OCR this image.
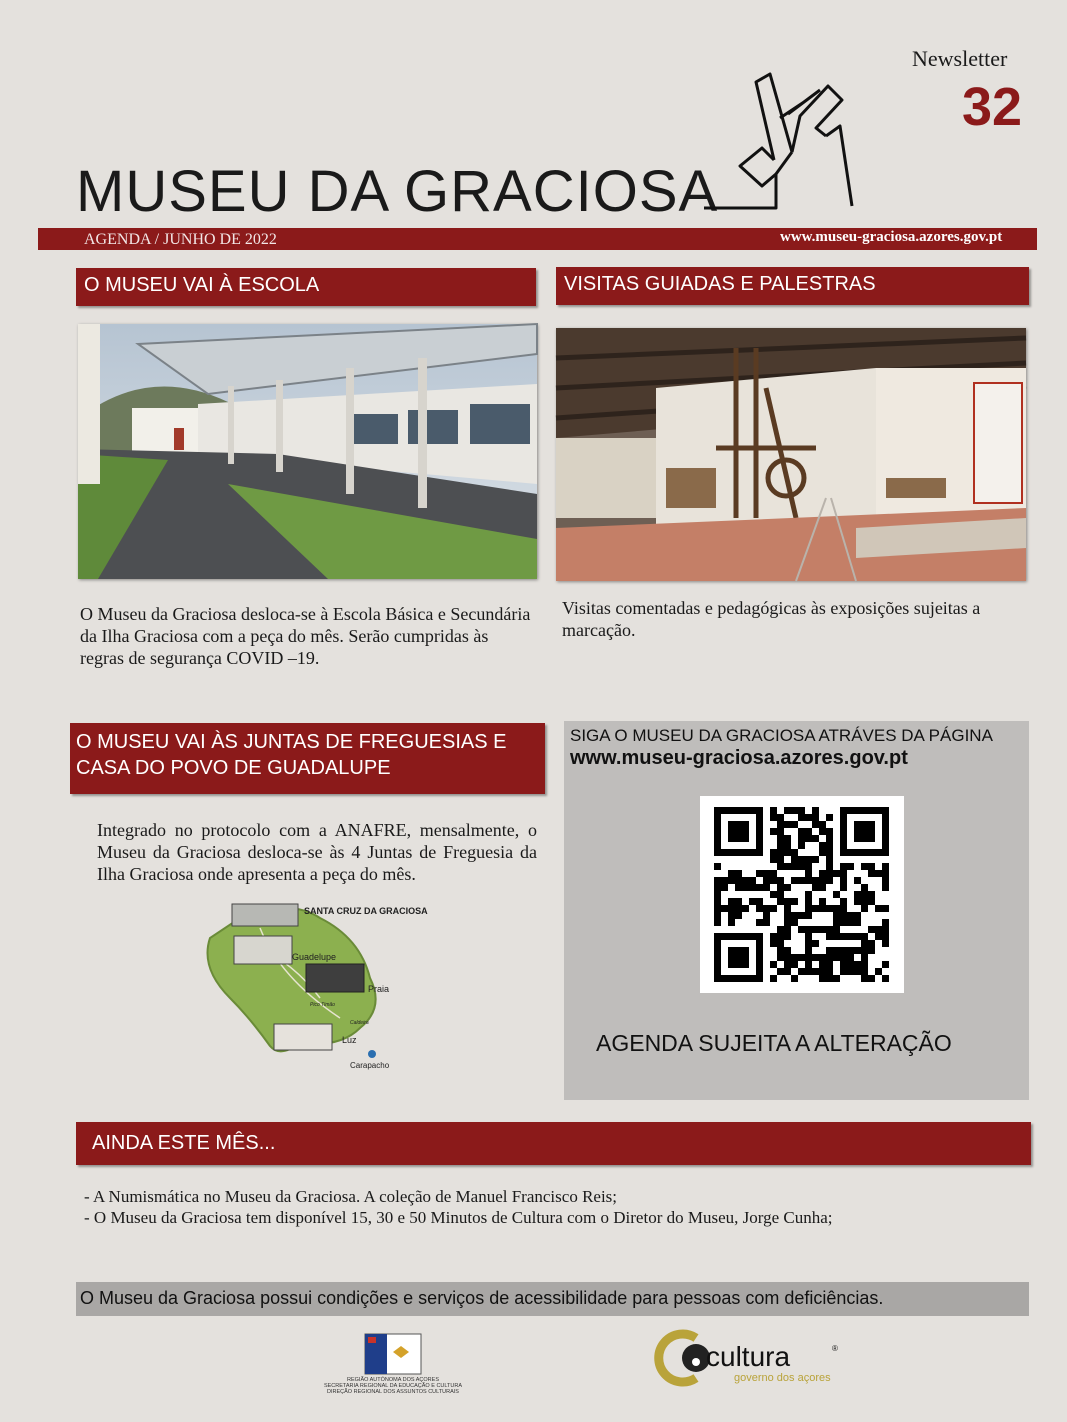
Newsletter
32
MUSEU DA GRACIOSA
AGENDA / JUNHO DE 2022	www.museu-graciosa.azores.gov.pt
O MUSEU VAI À ESCOLA
O Museu da Graciosa desloca-se à Escola Básica e Secundária da Ilha Graciosa com a peça do mês. Serão cumpridas às regras de segurança COVID –19.
VISITAS GUIADAS E PALESTRAS
Visitas comentadas e pedagógicas às exposições sujeitas a marcação.
O MUSEU VAI ÀS JUNTAS DE FREGUESIAS E CASA DO POVO DE GUADALUPE
Integrado no protocolo com a ANAFRE, mensalmente, o Museu da Graciosa desloca-se às 4 Juntas de Freguesia da Ilha Graciosa onde apresenta a peça do mês.
SANTA CRUZ DA GRACIOSA
Guadelupe
Praia
Luz
Carapacho
Pico Timão
Caldeira
SIGA O MUSEU DA GRACIOSA ATRÁVES DA PÁGINA
www.museu-graciosa.azores.gov.pt
AGENDA SUJEITA A ALTERAÇÃO
AINDA ESTE MÊS...
- A Numismática no Museu da Graciosa. A coleção de Manuel Francisco Reis;
- O Museu da Graciosa tem disponível 15, 30 e 50 Minutos de Cultura com o Diretor do Museu, Jorge Cunha;
O Museu da Graciosa possui condições e serviços de acessibilidade para pessoas com deficiências.
REGIÃO AUTÓNOMA DOS AÇORES
SECRETARIA REGIONAL DA EDUCAÇÃO E CULTURA
DIREÇÃO REGIONAL DOS ASSUNTOS CULTURAIS
cultura	®
governo dos açores
